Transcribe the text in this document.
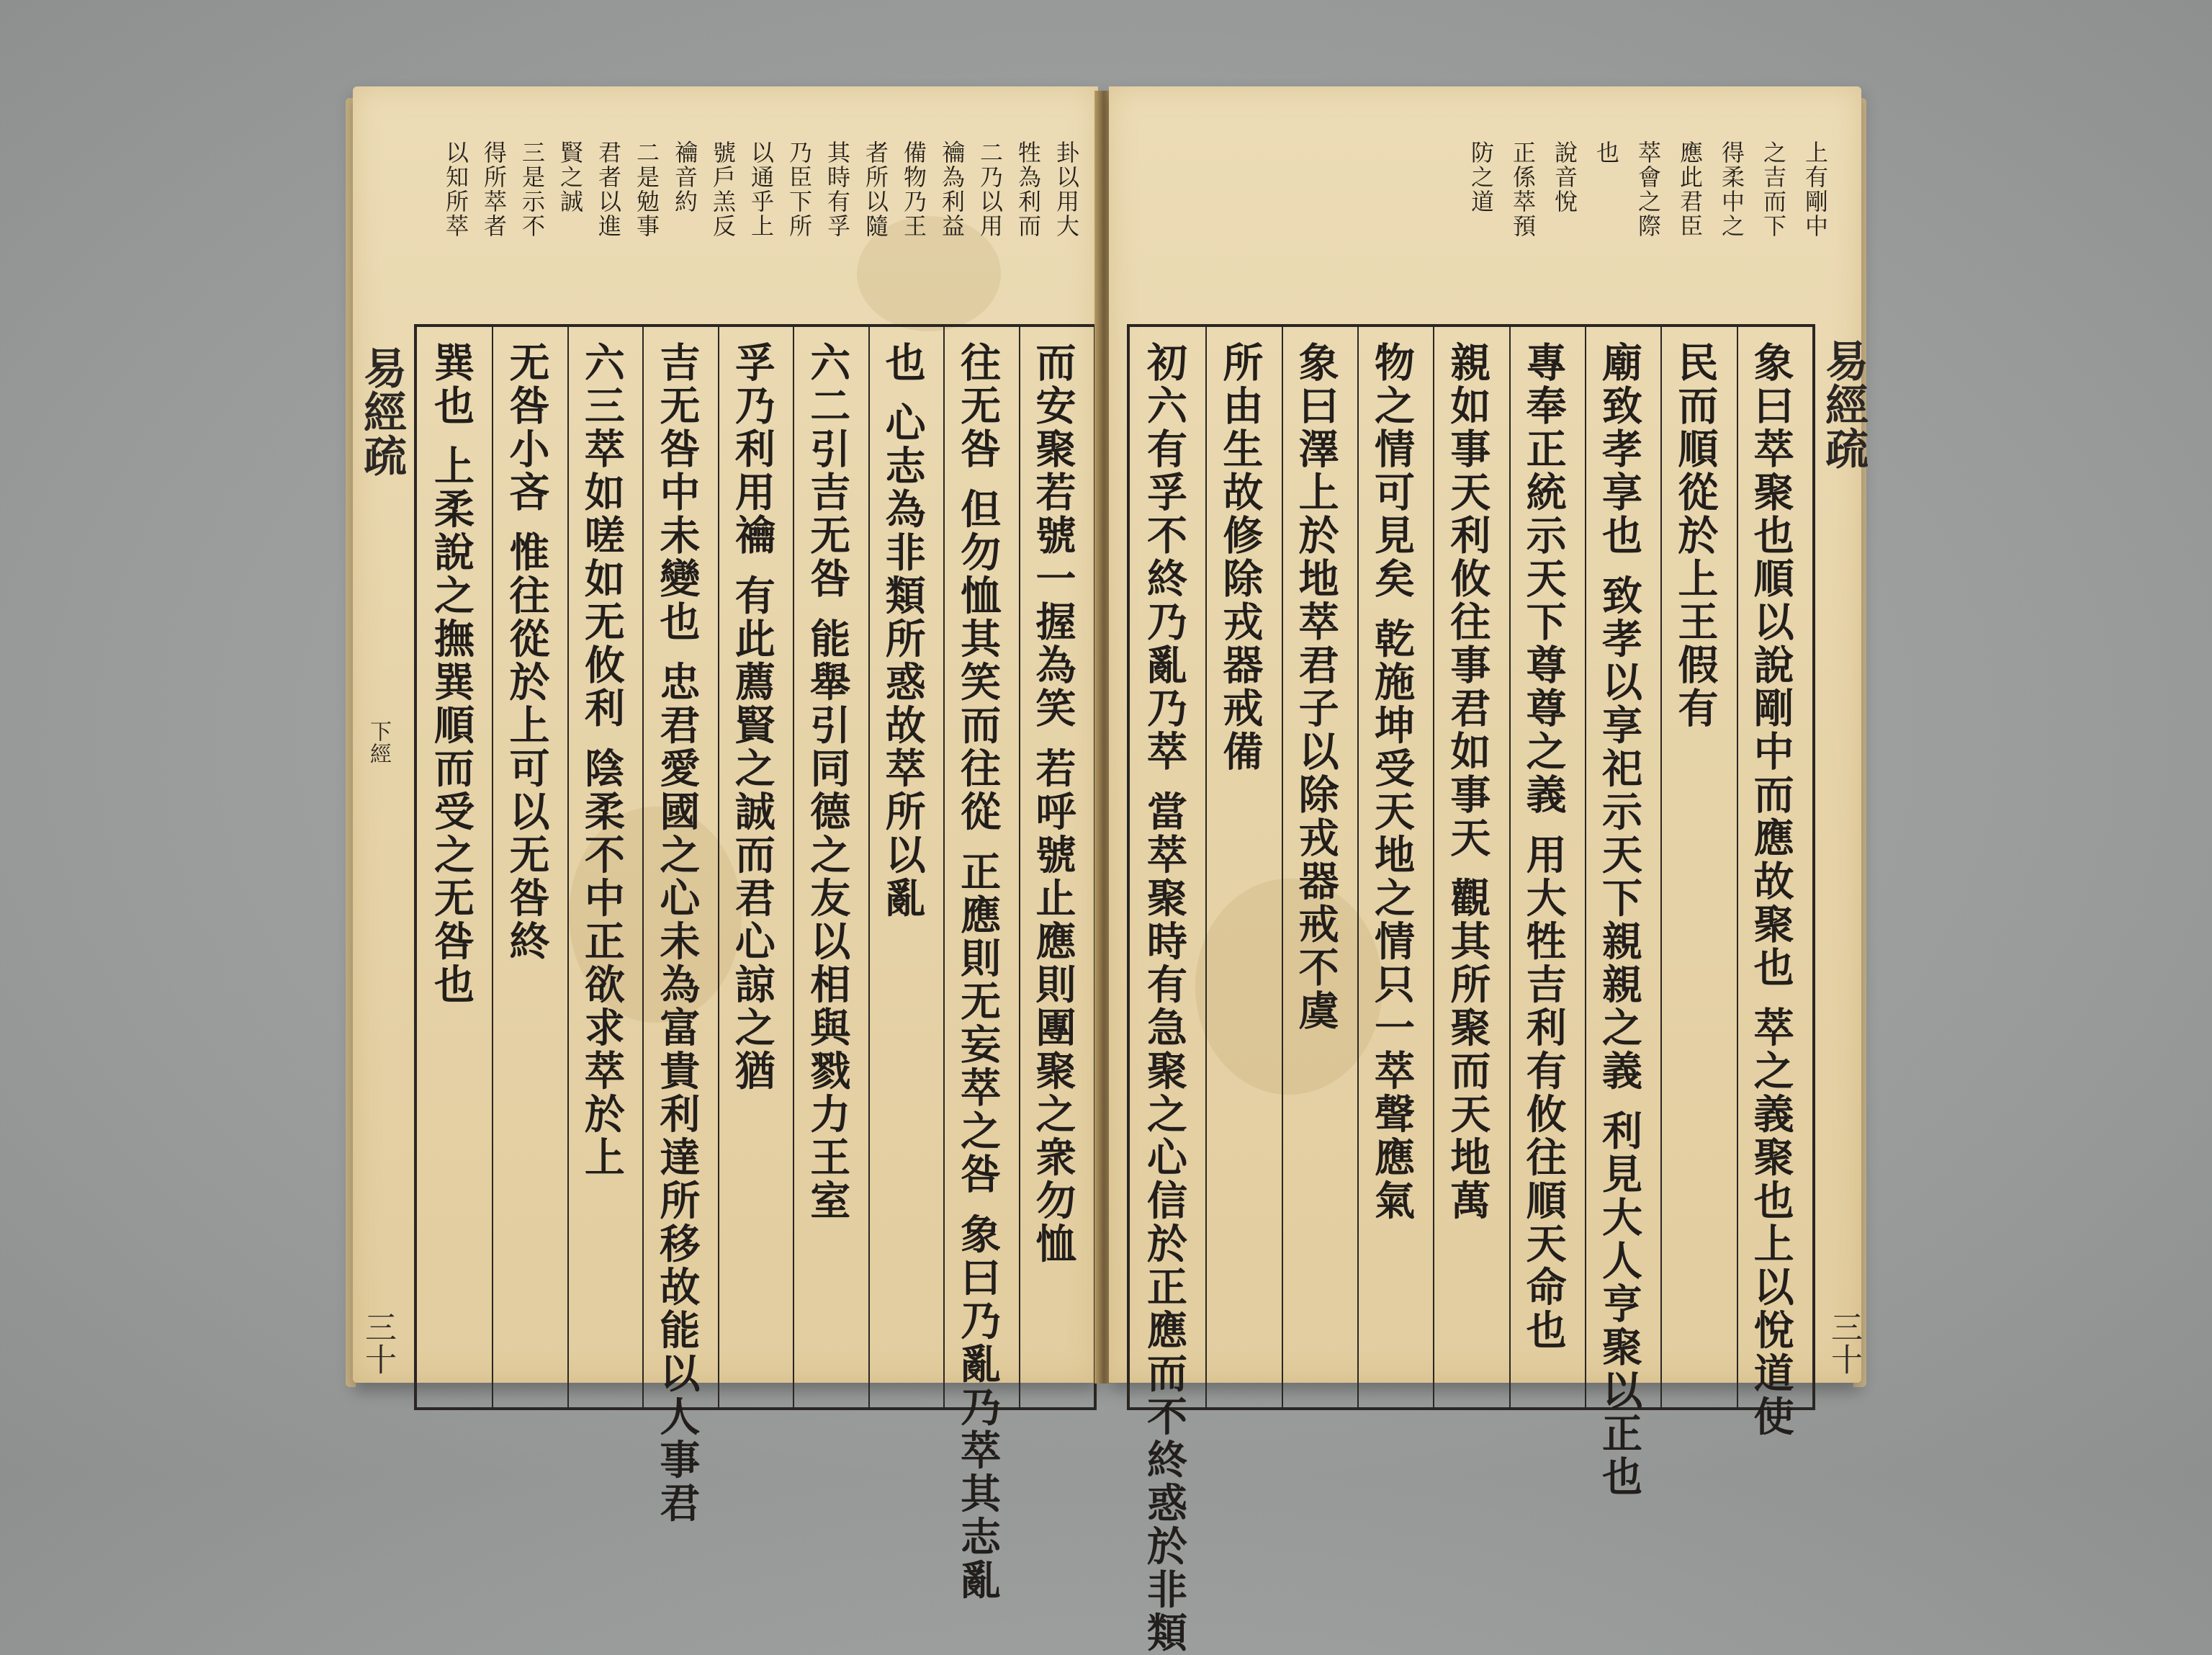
卦以用大
牲為利而
二乃以用
禴為利益
備物乃王
者所以隨
其時有孚
乃臣下所
以通乎上
號戶羔反
禴音約
二是勉事
君者以進
賢之誠
三是示不
得所萃者
以知所萃
而安聚若號一握為笑 若呼號止應則團聚之衆勿恤
往无咎 但勿恤其笑而往從 正應則无妄萃之咎 象曰乃亂乃萃其志亂
也 心志為非類所惑故萃所以亂
六二引吉无咎 能舉引同德之友以相與戮力王室
孚乃利用禴 有此薦賢之誠而君心諒之猶
吉无咎中未變也 忠君愛國之心未為富貴利達所移故能以人事君
六三萃如嗟如无攸利 陰柔不中正欲求萃於上
无咎小吝 惟往從於上可以无咎終
巽也 上柔說之撫巽順而受之无咎也
易經疏
下經
三十
上有剛中
之吉而下
得柔中之
應此君臣
萃會之際
也
說音悅
正係萃預
防之道
象曰萃聚也順以說剛中而應故聚也 萃之義聚也上以悅道使
民而順從於上王假有
廟致孝享也 致孝以享祀示天下親親之義 利見大人亨聚以正也
專奉正統示天下尊尊之義 用大牲吉利有攸往順天命也
親如事天利攸往事君如事天 觀其所聚而天地萬
物之情可見矣 乾施坤受天地之情只一萃聲應氣
象曰澤上於地萃君子以除戎器戒不虞
所由生故修除戎器戒備
初六有孚不終乃亂乃萃 當萃聚時有急聚之心信於正應而不終惑於非類	易經疏
三十
